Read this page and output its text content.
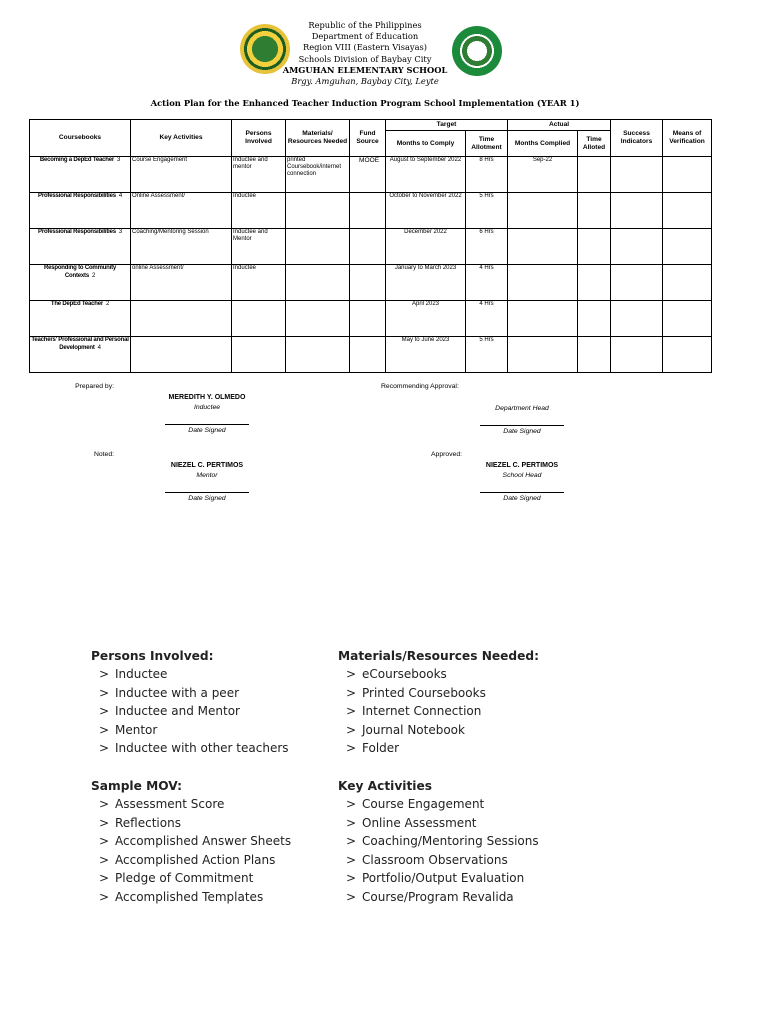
Republic of the Philippines
Department of Education
Region VIII (Eastern Visayas)
Schools Division of Baybay City
AMGUHAN ELEMENTARY SCHOOL
Brgy. Amguhan, Baybay City, Leyte
Action Plan for the Enhanced Teacher Induction Program School Implementation (YEAR 1)
Coursebooks	Key Activities	Persons Involved	Materials/ Resources Needed	Fund Source	Target		Actual		Success Indicators	Means of Verification
					Months to Comply	Time Allotment	Months Complied	Time Alloted		
Becoming a DepEd Teacher 3	Course Engagement	Inductee and mentor	printed Coursebook/internet connection	MOOE	August to September 2022	8 Hrs	Sep-22			
Professional Responsibilities 4	Online Assessment/	Inductee			October to November 2022	5 Hrs				
Professional Responsibilities 3	Coaching/Mentoring Session	Inductee and Mentor			December 2022	6 Hrs				
Responding to Community Contexts 2	online Assessment/	Inductee			January to March 2023	4 Hrs				
The DepEd Teacher 2					April 2023	4 Hrs				
Teachers' Professional and Personal Development 4					May to June 2023	5 Hrs				
Prepared by:
MEREDITH Y. OLMEDO
Inductee
Date Signed
Recommending Approval:
Department Head
Date Signed
Noted:
NIEZEL C. PERTIMOS
Mentor
Date Signed
Approved:
NIEZEL C. PERTIMOS
School Head
Date Signed
Persons Involved:
> Inductee
> Inductee with a peer
> Inductee and Mentor
> Mentor
> Inductee with other teachers
Materials/Resources Needed:
> eCoursebooks
> Printed Coursebooks
> Internet Connection
> Journal Notebook
> Folder
Sample MOV:
> Assessment Score
> Reflections
> Accomplished Answer Sheets
> Accomplished Action Plans
> Pledge of Commitment
> Accomplished Templates
Key Activities
> Course Engagement
> Online Assessment
> Coaching/Mentoring Sessions
> Classroom Observations
> Portfolio/Output Evaluation
> Course/Program Revalida
